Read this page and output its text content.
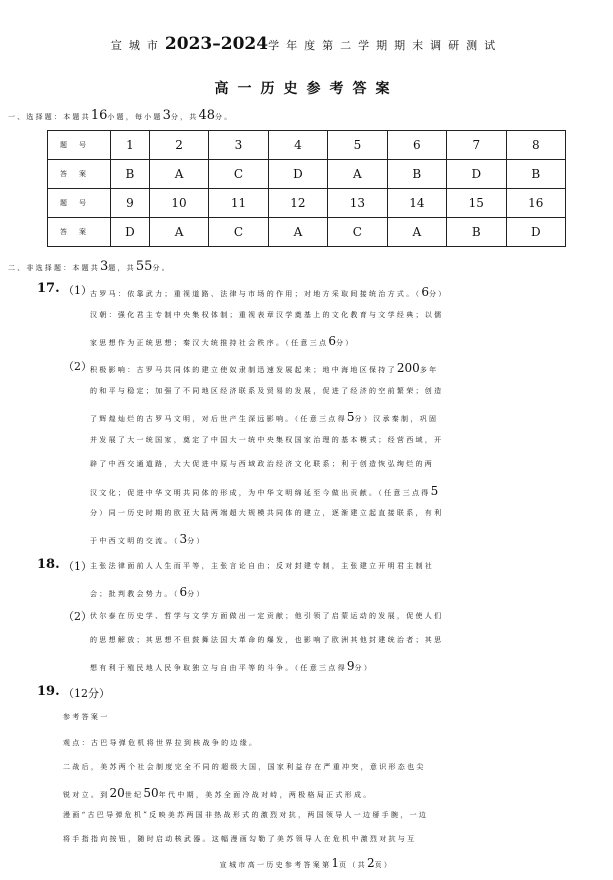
宣城市2023–2024学年度第二学期期末调研测试
高一历史参考答案
一、选择题：本题共16小题，每小题3分，共48分。
题号	1	2	3	4	5	6	7	8
答案	B	A	C	D	A	B	D	B
题号	9	10	11	12	13	14	15	16
答案	D	A	C	A	C	A	B	D
二、非选择题：本题共3题，共55分。
17. （1）
古罗马：依靠武力；重视道路、法律与市场的作用；对地方采取间接统治方式。（6分）
汉朝：强化君主专制中央集权体制；重视表章汉学奠基上的文化教育与文学经典；以儒
家思想作为正统思想；秦汉大统推持社会秩序。（任意三点6分）
（2）
积极影响：古罗马共同体的建立使奴隶制迅速发展起来；地中海地区保持了200多年
的和平与稳定；加强了不同地区经济联系及贸易的发展，促进了经济的空前繁荣；创造
了辉煌灿烂的古罗马文明，对后世产生深远影响。（任意三点得5分）汉承秦制，巩固
并发展了大一统国家，奠定了中国大一统中央集权国家治理的基本模式；经营西域，开
辟了中西交通道路，大大促进中原与西域政治经济文化联系；利于创造恢弘绚烂的两
汉文化；促进中华文明共同体的形成，为中华文明绵延至今做出贡献。（任意三点得5
分）同一历史时期的欧亚大陆两端超大规模共同体的建立，逐渐建立起直接联系，有利
于中西文明的交流。（3分）
18. （1）
主张法律面前人人生而平等，主张言论自由；反对封建专制，主张建立开明君主制社
会；批判教会势力。（6分）
（2）
伏尔泰在历史学、哲学与文学方面做出一定贡献；他引领了启蒙运动的发展，促使人们
的思想解放；其思想不但鼓舞法国大革命的爆发，也影响了欧洲其他封建统治者；其思
想有利于殖民地人民争取独立与自由平等的斗争。（任意三点得9分）
19. （12分）
参考答案一
观点：古巴导弹危机将世界拉到核战争的边缘。
二战后，美苏两个社会制度完全不同的超级大国，国家利益存在严重冲突，意识形态也尖
锐对立。到20世纪50年代中期，美苏全面冷战对峙，两极格局正式形成。
漫画“古巴导弹危机”反映美苏两国非热战形式的激烈对抗，两国领导人一边掰手腕，一边
将手指指向按钮，随时启动核武器。这幅漫画勾勒了美苏领导人在危机中激烈对抗与互
宣城市高一历史参考答案第1页（共2页）
